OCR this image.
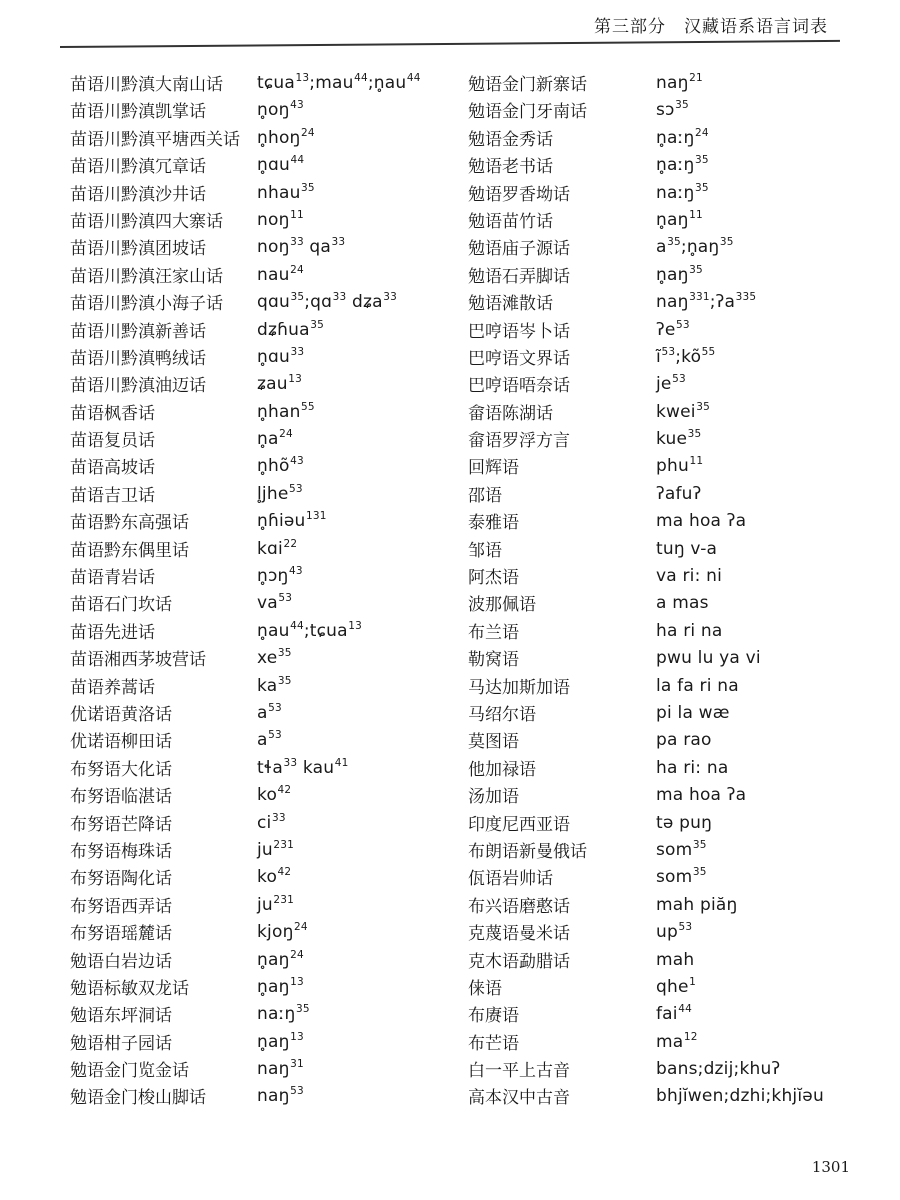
第三部分 汉藏语系语言词表
苗语川黔滇大南山话	$tɕua^{13};mau^{44};n̥au^{44}$
苗语川黔滇凯掌话	$n̥oŋ^{43}$
苗语川黔滇平塘西关话	n̥hoŋ$^{24}$
苗语川黔滇冗章话	n̥ɑu$^{44}$
苗语川黔滇沙井话	nhau$^{35}$
苗语川黔滇四大寨话	noŋ$^{11}$
苗语川黔滇团坡话	noŋ$^{33}$ $qa^{33}$
苗语川黔滇汪家山话	nau$^{24}$
苗语川黔滇小海子话	qɑu$^{35}$;qɑ$^{33}$ dʑa$^{33}$
苗语川黔滇新善话	dʑɦua$^{35}$
苗语川黔滇鸭绒话	n̥ɑu$^{33}$
苗语川黔滇油迈话	ʑau$^{13}$
苗语枫香话	n̥han$^{55}$
苗语复员话	$n̥a^{24}$
苗语高坡话	$n̥hõ^{43}$
苗语吉卫话	l̥jhe$^{53}$
苗语黔东高强话	n̥ɦiəu$^{131}$
苗语黔东偶里话	kɑi$^{22}$
苗语青岩话	n̥ɔŋ$^{43}$
苗语石门坎话	$va^{53}$
苗语先进话	$n̥au^{44};tɕua^{13}$
苗语湘西茅坡营话	$xe^{35}$
苗语养蒿话	$ka^{35}$
优诺语黄洛话	$a^{53}$
优诺语柳田话	$a^{53}$
布努语大化话	tɬa$^{33}$ kau$^{41}$
布努语临湛话	$ko^{42}$
布努语芒降话	$ci^{33}$
布努语梅珠话	$ju^{231}$
布努语陶化话	$ko^{42}$
布努语西弄话	$ju^{231}$
布努语瑶麓话	kjoŋ$^{24}$
勉语白岩边话	$n̥aŋ^{24}$
勉语标敏双龙话	$n̥aŋ^{13}$
勉语东坪洞话	naːŋ$^{35}$
勉语柑子园话	$n̥aŋ^{13}$
勉语金门览金话	naŋ$^{31}$
勉语金门梭山脚话	naŋ$^{53}$
勉语金门新寨话	naŋ$^{21}$
勉语金门牙南话	sɔ$^{35}$
勉语金秀话	n̥aːŋ$^{24}$
勉语老书话	n̥aːŋ$^{35}$
勉语罗香坳话	naːŋ$^{35}$
勉语苗竹话	$n̥aŋ^{11}$
勉语庙子源话	$a^{35};n̥aŋ^{35}$
勉语石弄脚话	$n̥aŋ^{35}$
勉语滩散话	naŋ$^{331}$;ʔa$^{335}$
巴哼语岑卜话	ʔe$^{53}$
巴哼语文界话	$ĩ^{53};kõ^{55}$
巴哼语唔奈话	$je^{53}$
畲语陈湖话	kwei$^{35}$
畲语罗浮方言	kue$^{35}$
回辉语	phu$^{11}$
邵语	ʔafuʔ
泰雅语	ma hoa ʔa
邹语	tuŋ v-a
阿杰语	va ri: ni
波那佩语	a mas
布兰语	ha ri na
勒窝语	pwu lu ya vi
马达加斯加语	la fa ri na
马绍尔语	pi la wæ
莫图语	pa rao
他加禄语	ha ri: na
汤加语	ma hoa ʔa
印度尼西亚语	tə puŋ
布朗语新曼俄话	som$^{35}$
佤语岩帅话	som$^{35}$
布兴语磨憨话	mah piăŋ
克蔑语曼米话	$up^{53}$
克木语勐腊话	mah
俫语	qhe$^1$
布赓语	fai$^{44}$
布芒语	$ma^{12}$
白一平上古音	bans;dzij;khuʔ
高本汉中古音	bhjĭwen;dzhi;khjĭəu
1301
